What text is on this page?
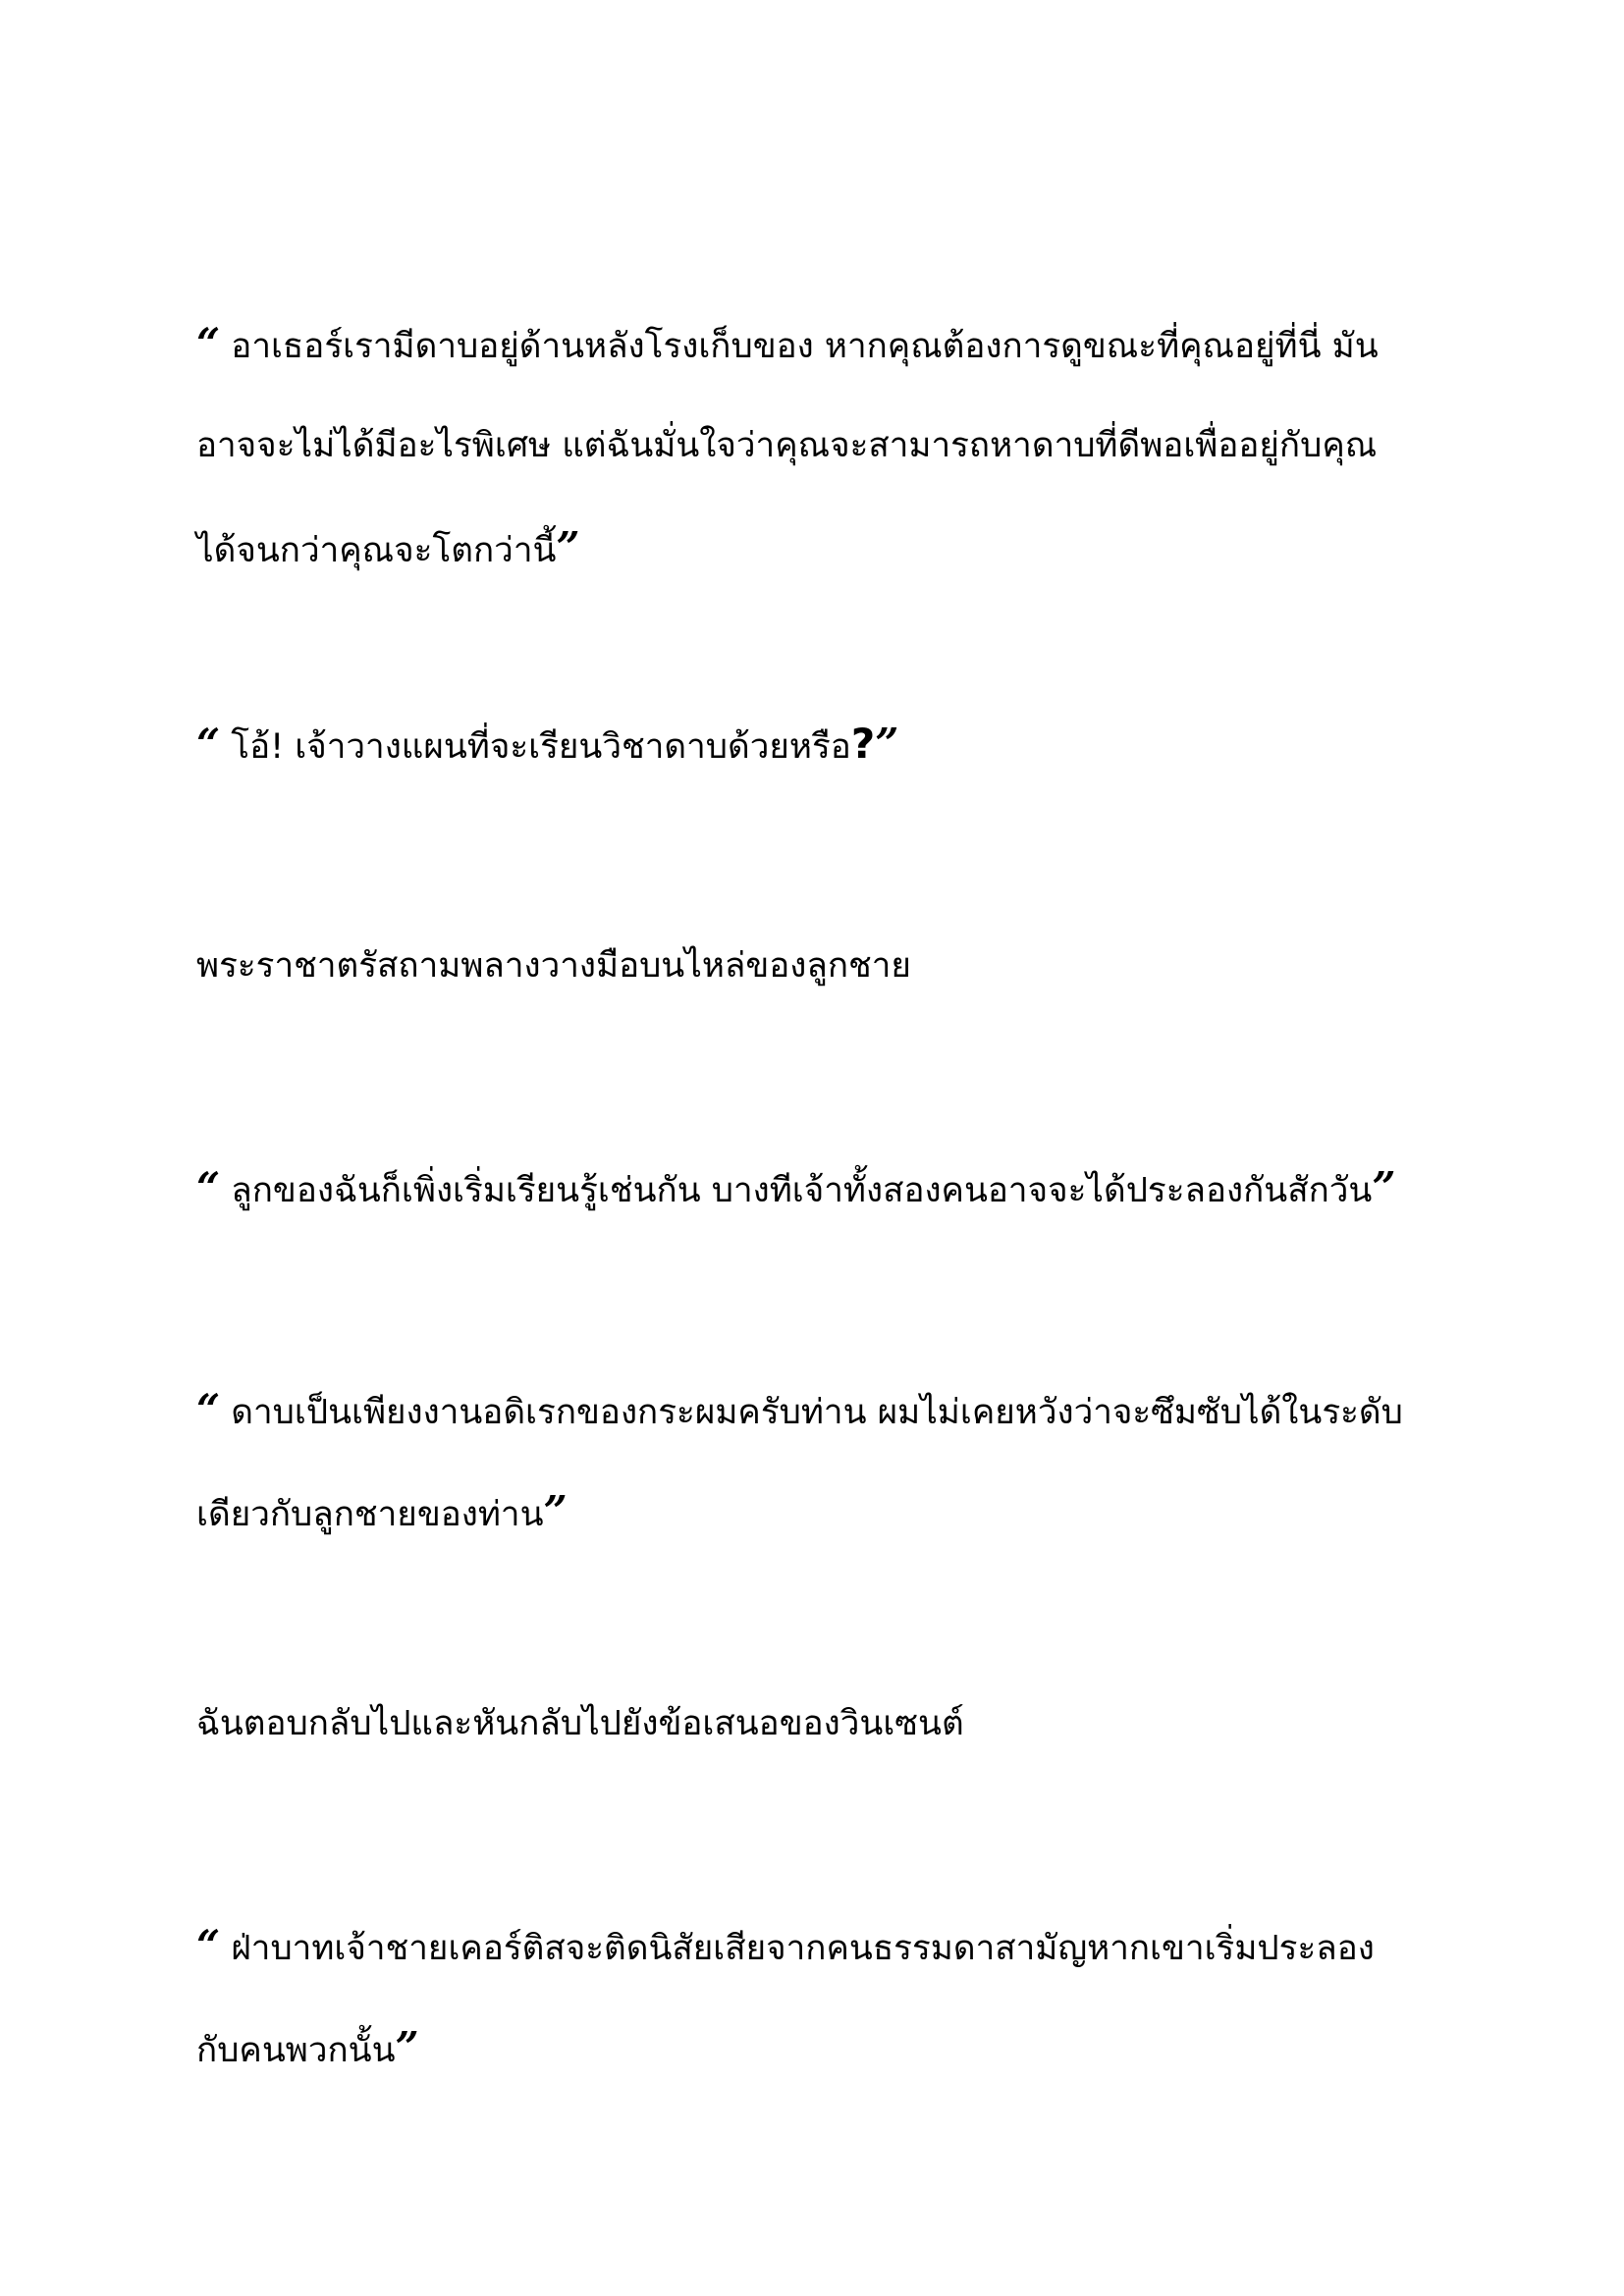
“ อาเธอร์เรามีดาบอยู่ด้านหลังโรงเก็บของ หากคุณต้องการดูขณะที่คุณอยู่ที่นี่ มัน
อาจจะไม่ได้มีอะไรพิเศษ แต่ฉันมั่นใจว่าคุณจะสามารถหาดาบที่ดีพอเพื่ออยู่กับคุณ
ได้จนกว่าคุณจะโตกว่านี้”

“ โอ้! เจ้าวางแผนที่จะเรียนวิชาดาบด้วยหรือ?”

พระราชาตรัสถามพลางวางมือบนไหล่ของลูกชาย

“ ลูกของฉันก็เพิ่งเริ่มเรียนรู้เช่นกัน บางทีเจ้าทั้งสองคนอาจจะได้ประลองกันสักวัน”

“ ดาบเป็นเพียงงานอดิเรกของกระผมครับท่าน ผมไม่เคยหวังว่าจะซึมซับได้ในระดับ
เดียวกับลูกชายของท่าน”

ฉันตอบกลับไปและหันกลับไปยังข้อเสนอของวินเซนต์

“ ฝ่าบาทเจ้าชายเคอร์ติสจะติดนิสัยเสียจากคนธรรมดาสามัญหากเขาเริ่มประลอง
กับคนพวกนั้น”
